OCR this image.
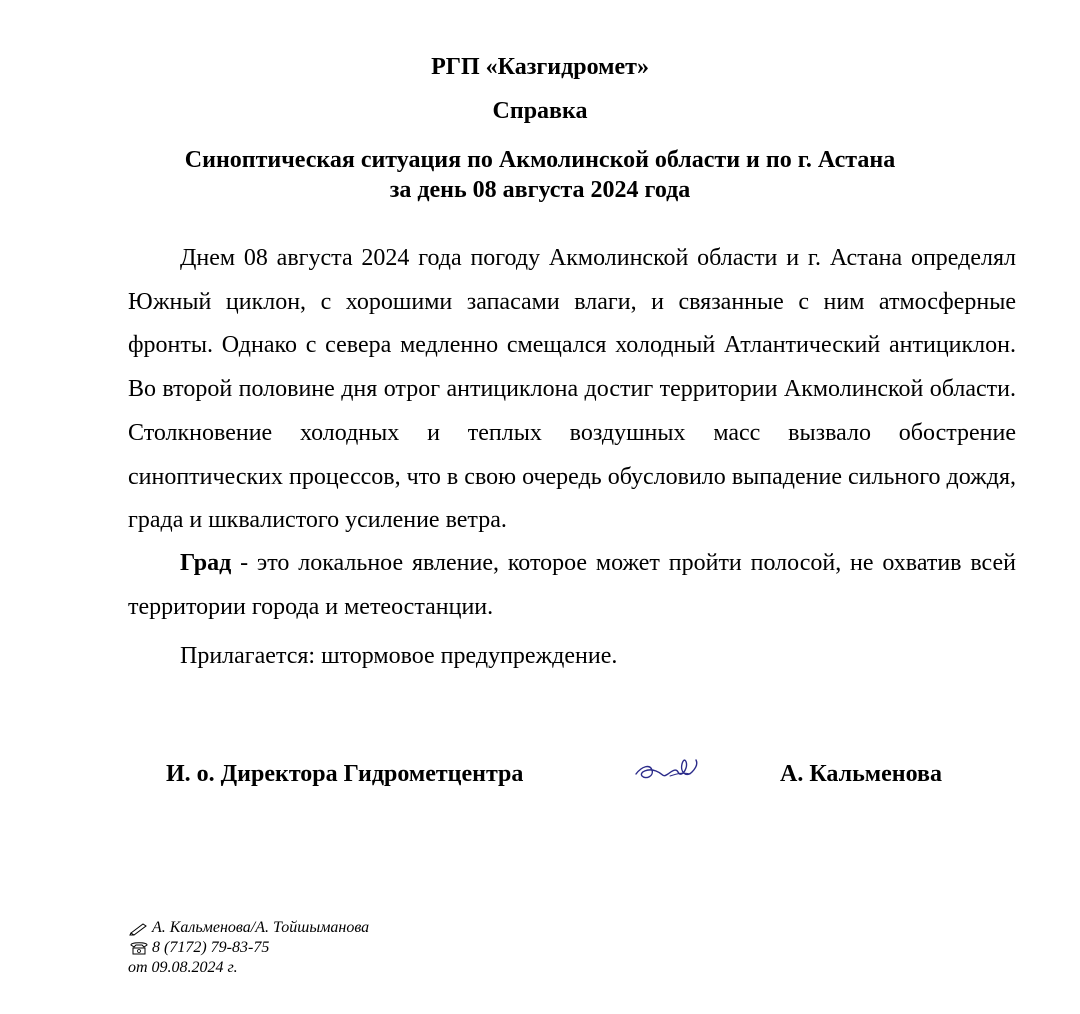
РГП «Казгидромет»
Справка
Синоптическая ситуация по Акмолинской области и по г. Астана
за день 08 августа 2024 года

Днем 08 августа 2024 года погоду Акмолинской области и г. Астана определял Южный циклон, с хорошими запасами влаги, и связанные с ним атмосферные фронты. Однако с севера медленно смещался холодный Атлантический антициклон. Во второй половине дня отрог антициклона достиг территории Акмолинской области. Столкновение холодных и теплых воздушных масс вызвало обострение синоптических процессов, что в свою очередь обусловило выпадение сильного дождя, града и шквалистого усиление ветра.

Град - это локальное явление, которое может пройти полосой, не охватив всей территории города и метеостанции.

Прилагается: штормовое предупреждение.

И. о. Директора Гидрометцентра	А. Кальменова
А. Кальменова/А. Тойшыманова
8 (7172) 79-83-75
от 09.08.2024 г.
